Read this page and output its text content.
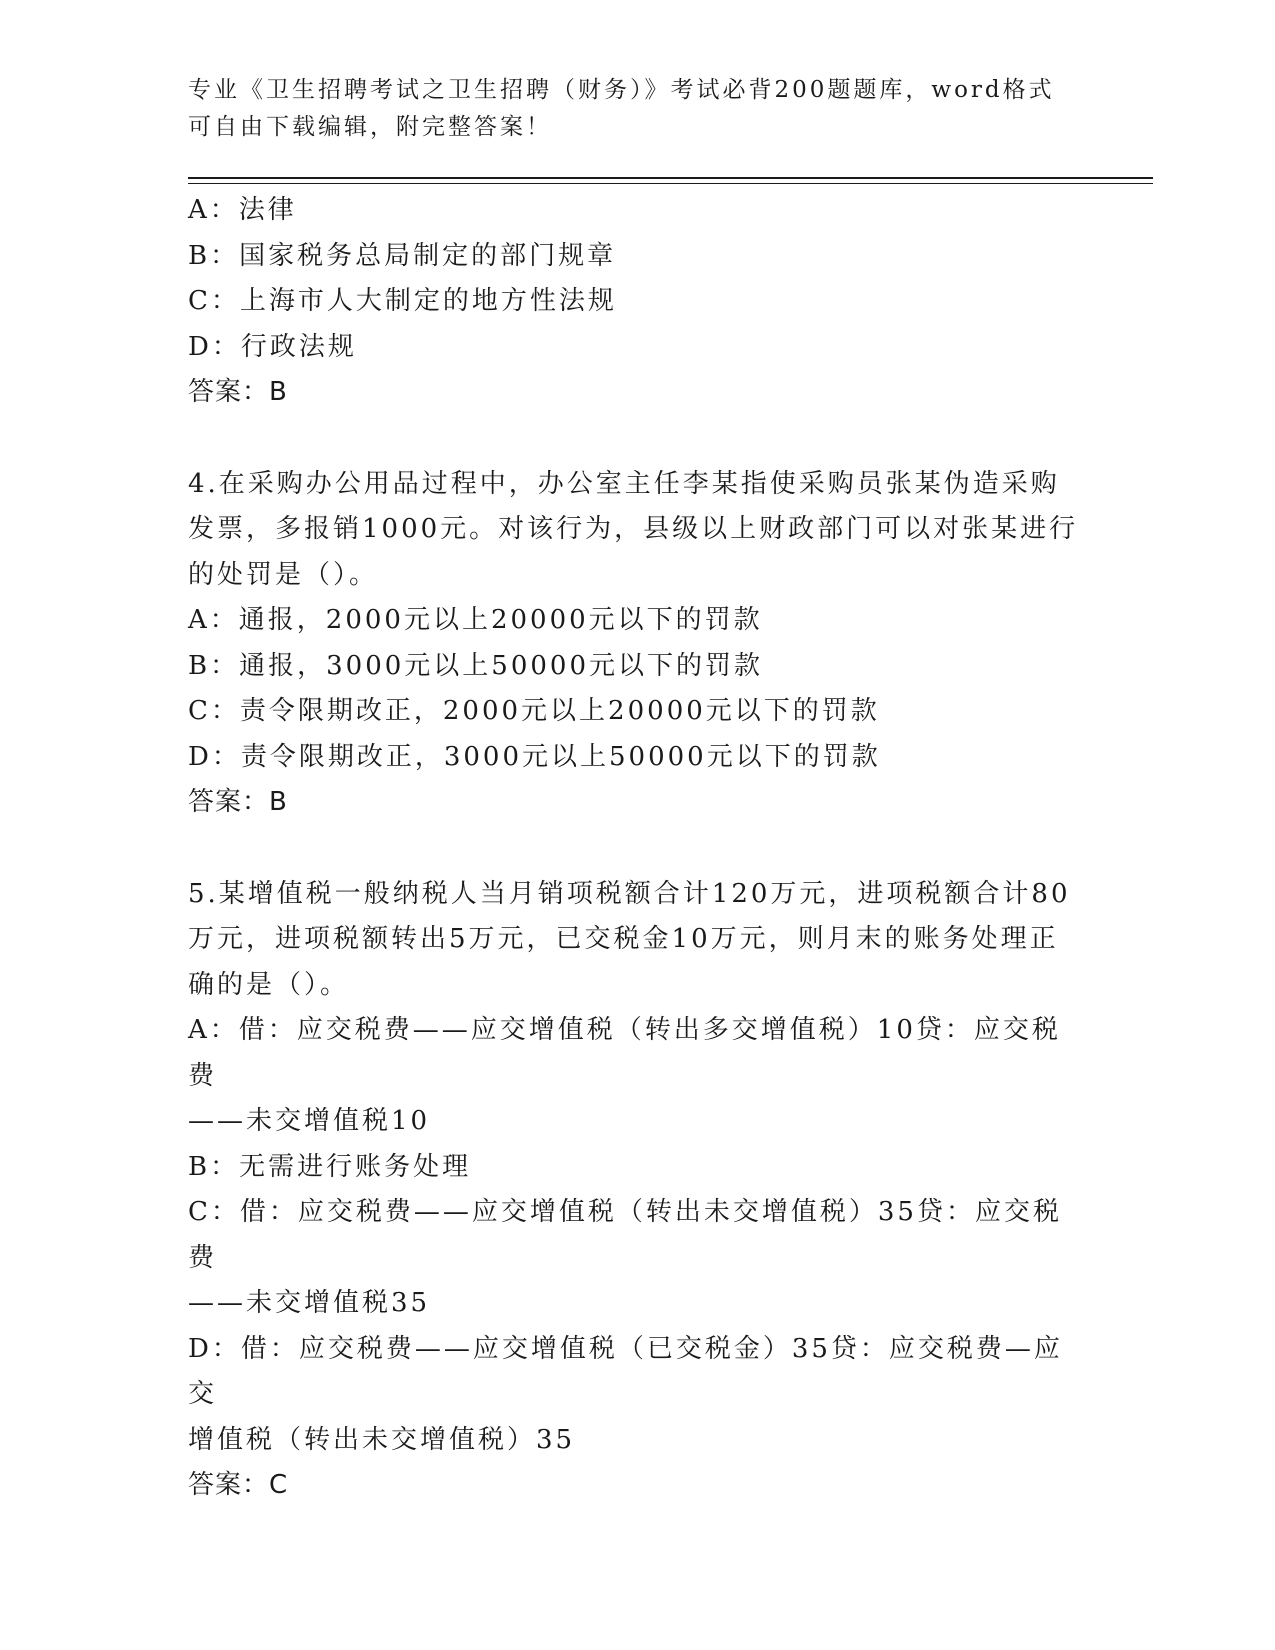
专业《卫生招聘考试之卫生招聘（财务）》考试必背200题题库，word格式可自由下载编辑，附完整答案！
A：法律
B：国家税务总局制定的部门规章
C：上海市人大制定的地方性法规
D：行政法规
答案：B
4.在采购办公用品过程中，办公室主任李某指使采购员张某伪造采购
发票，多报销1000元。对该行为，县级以上财政部门可以对张某进行
的处罚是（）。
A：通报，2000元以上20000元以下的罚款
B：通报，3000元以上50000元以下的罚款
C：责令限期改正，2000元以上20000元以下的罚款
D：责令限期改正，3000元以上50000元以下的罚款
答案：B
5.某增值税一般纳税人当月销项税额合计120万元，进项税额合计80
万元，进项税额转出5万元，已交税金10万元，则月末的账务处理正
确的是（）。
A：借：应交税费——应交增值税（转出多交增值税）10贷：应交税费
——未交增值税10
B：无需进行账务处理
C：借：应交税费——应交增值税（转出未交增值税）35贷：应交税费
——未交增值税35
D：借：应交税费——应交增值税（已交税金）35贷：应交税费—应交
增值税（转出未交增值税）35
答案：C
